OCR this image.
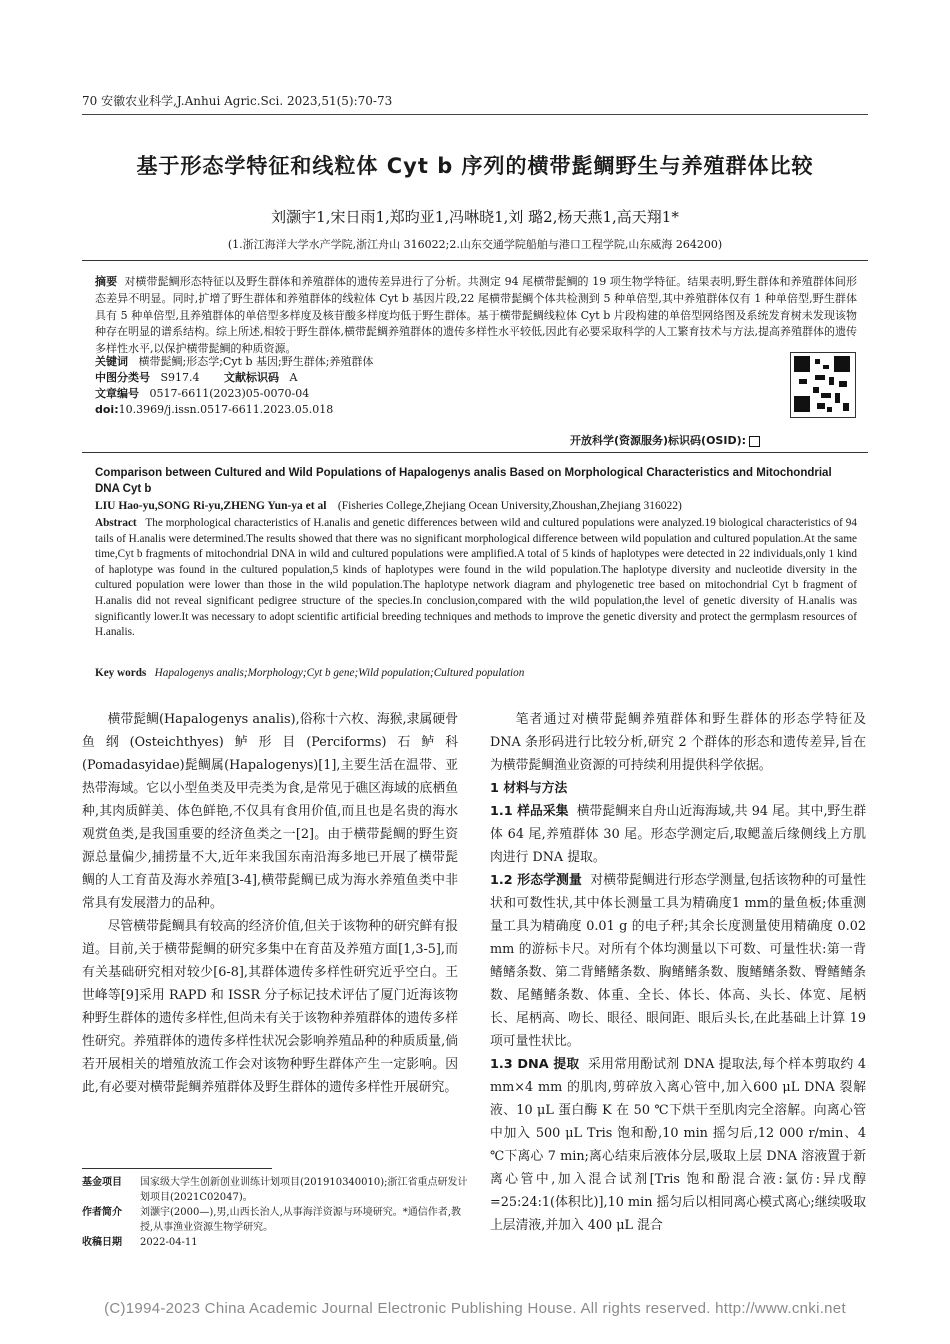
70 安徽农业科学,J.Anhui Agric.Sci. 2023,51(5):70-73
基于形态学特征和线粒体 Cyt b 序列的横带髭鲷野生与养殖群体比较
刘灏宇1,宋日雨1,郑昀亚1,冯啉晓1,刘 璐2,杨天燕1,高天翔1*
(1.浙江海洋大学水产学院,浙江舟山 316022;2.山东交通学院船舶与港口工程学院,山东威海 264200)
摘要 对横带髭鲷形态特征以及野生群体和养殖群体的遗传差异进行了分析。共测定 94 尾横带髭鲷的 19 项生物学特征。结果表明,野生群体和养殖群体间形态差异不明显。同时,扩增了野生群体和养殖群体的线粒体 Cyt b 基因片段,22 尾横带髭鲷个体共检测到 5 种单倍型,其中养殖群体仅有 1 种单倍型,野生群体具有 5 种单倍型,且养殖群体的单倍型多样度及核苷酸多样度均低于野生群体。基于横带髭鲷线粒体 Cyt b 片段构建的单倍型网络图及系统发育树未发现该物种存在明显的谱系结构。综上所述,相较于野生群体,横带髭鲷养殖群体的遗传多样性水平较低,因此有必要采取科学的人工繁育技术与方法,提高养殖群体的遗传多样性水平,以保护横带髭鲷的种质资源。
关键词 横带髭鲷;形态学;Cyt b 基因;野生群体;养殖群体
中图分类号 S917.4 文献标识码 A
文章编号 0517-6611(2023)05-0070-04
doi:10.3969/j.issn.0517-6611.2023.05.018
开放科学(资源服务)标识码(OSID):
Comparison between Cultured and Wild Populations of Hapalogenys analis Based on Morphological Characteristics and Mitochondrial DNA Cyt b
LIU Hao-yu,SONG Ri-yu,ZHENG Yun-ya et al (Fisheries College,Zhejiang Ocean University,Zhoushan,Zhejiang 316022)
Abstract The morphological characteristics of H.analis and genetic differences between wild and cultured populations were analyzed.19 biological characteristics of 94 tails of H.analis were determined.The results showed that there was no significant morphological difference between wild population and cultured population.At the same time,Cyt b fragments of mitochondrial DNA in wild and cultured populations were amplified.A total of 5 kinds of haplotypes were detected in 22 individuals,only 1 kind of haplotype was found in the cultured population,5 kinds of haplotypes were found in the wild population.The haplotype diversity and nucleotide diversity in the cultured population were lower than those in the wild population.The haplotype network diagram and phylogenetic tree based on mitochondrial Cyt b fragment of H.analis did not reveal significant pedigree structure of the species.In conclusion,compared with the wild population,the level of genetic diversity of H.analis was significantly lower.It was necessary to adopt scientific artificial breeding techniques and methods to improve the genetic diversity and protect the germplasm resources of H.analis.
Key words Hapalogenys analis;Morphology;Cyt b gene;Wild population;Cultured population

横带髭鲷(Hapalogenys analis),俗称十六枚、海猴,隶属硬骨鱼纲(Osteichthyes)鲈形目(Perciforms)石鲈科(Pomadasyidae)髭鲷属(Hapalogenys)[1],主要生活在温带、亚热带海域。它以小型鱼类及甲壳类为食,是常见于礁区海域的底栖鱼种,其肉质鲜美、体色鲜艳,不仅具有食用价值,而且也是名贵的海水观赏鱼类,是我国重要的经济鱼类之一[2]。由于横带髭鲷的野生资源总量偏少,捕捞量不大,近年来我国东南沿海多地已开展了横带髭鲷的人工育苗及海水养殖[3-4],横带髭鲷已成为海水养殖鱼类中非常具有发展潜力的品种。

尽管横带髭鲷具有较高的经济价值,但关于该物种的研究鲜有报道。目前,关于横带髭鲷的研究多集中在育苗及养殖方面[1,3-5],而有关基础研究相对较少[6-8],其群体遗传多样性研究近乎空白。王世峰等[9]采用 RAPD 和 ISSR 分子标记技术评估了厦门近海该物种野生群体的遗传多样性,但尚未有关于该物种养殖群体的遗传多样性研究。养殖群体的遗传多样性状况会影响养殖品种的种质质量,倘若开展相关的增殖放流工作会对该物种野生群体产生一定影响。因此,有必要对横带髭鲷养殖群体及野生群体的遗传多样性开展研究。

笔者通过对横带髭鲷养殖群体和野生群体的形态学特征及 DNA 条形码进行比较分析,研究 2 个群体的形态和遗传差异,旨在为横带髭鲷渔业资源的可持续利用提供科学依据。

1 材料与方法

1.1 样品采集 横带髭鲷来自舟山近海海域,共 94 尾。其中,野生群体 64 尾,养殖群体 30 尾。形态学测定后,取鳃盖后缘侧线上方肌肉进行 DNA 提取。

1.2 形态学测量 对横带髭鲷进行形态学测量,包括该物种的可量性状和可数性状,其中体长测量工具为精确度1 mm的量鱼板;体重测量工具为精确度 0.01 g 的电子秤;其余长度测量使用精确度 0.02 mm 的游标卡尺。对所有个体均测量以下可数、可量性状:第一背鳍鳍条数、第二背鳍鳍条数、胸鳍鳍条数、腹鳍鳍条数、臀鳍鳍条数、尾鳍鳍条数、体重、全长、体长、体高、头长、体宽、尾柄长、尾柄高、吻长、眼径、眼间距、眼后头长,在此基础上计算 19 项可量性状比。

1.3 DNA 提取 采用常用酚试剂 DNA 提取法,每个样本剪取约 4 mm×4 mm 的肌肉,剪碎放入离心管中,加入600 μL DNA 裂解液、10 μL 蛋白酶 K 在 50 ℃下烘干至肌肉完全溶解。向离心管中加入 500 μL Tris 饱和酚,10 min 摇匀后,12 000 r/min、4 ℃下离心 7 min;离心结束后液体分层,吸取上层 DNA 溶液置于新离心管中,加入混合试剂[Tris 饱和酚混合液:氯仿:异戊醇=25:24:1(体积比)],10 min 摇匀后以相同离心模式离心;继续吸取上层清液,并加入 400 μL 混合

基金项目	国家级大学生创新创业训练计划项目(201910340010);浙江省重点研发计划项目(2021C02047)。
作者简介	刘灏宇(2000—),男,山西长治人,从事海洋资源与环境研究。*通信作者,教授,从事渔业资源生物学研究。
收稿日期	2022-04-11
(C)1994-2023 China Academic Journal Electronic Publishing House. All rights reserved. http://www.cnki.net
